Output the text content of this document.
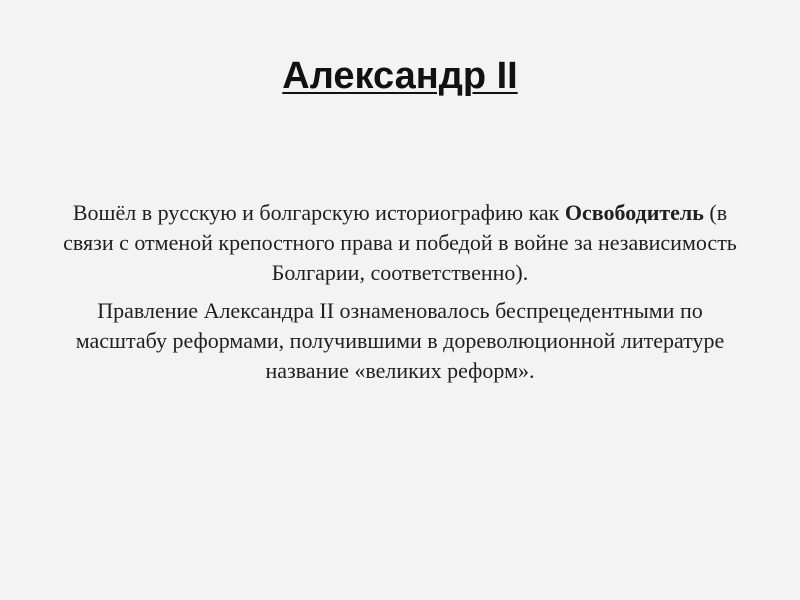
Александр II

Вошёл в русскую и болгарскую историографию как Освободитель (в связи с отменой крепостного права и победой в войне за независимость Болгарии, соответственно).

Правление Александра II ознаменовалось беспрецедентными по масштабу реформами, получившими в дореволюционной литературе название «великих реформ».
